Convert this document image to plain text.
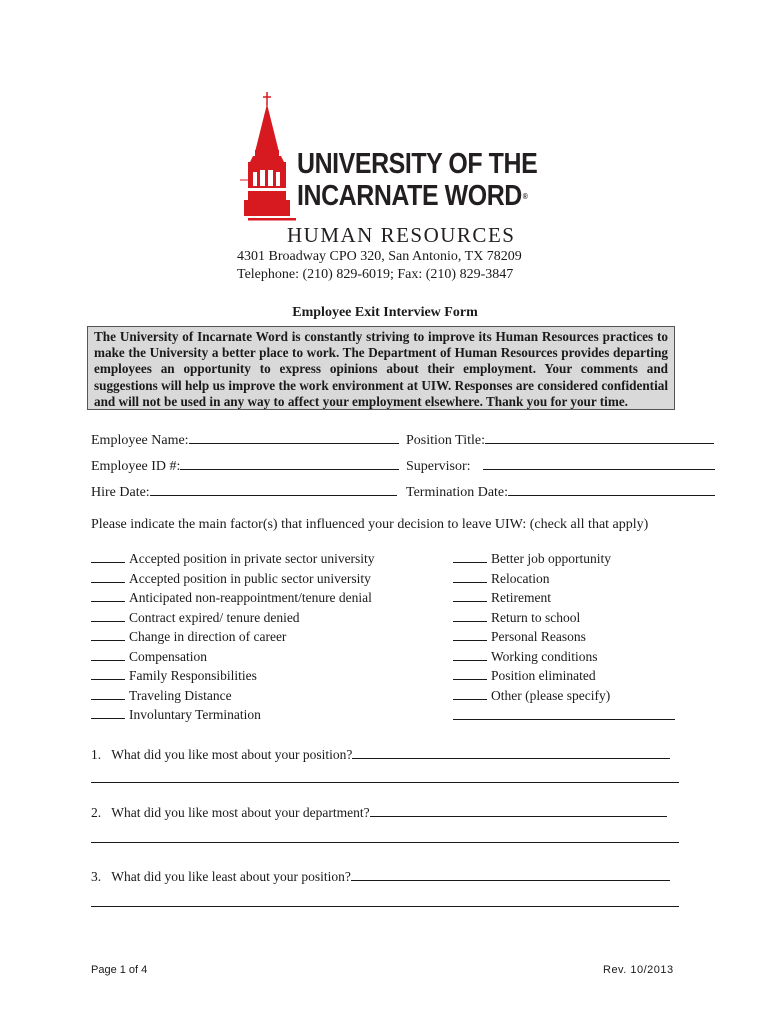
UNIVERSITY OF THE
INCARNATE WORD®
HUMAN RESOURCES
4301 Broadway CPO 320, San Antonio, TX 78209
Telephone: (210) 829-6019; Fax: (210) 829-3847
Employee Exit Interview Form
The University of Incarnate Word is constantly striving to improve its Human Resources practices to make the University a better place to work. The Department of Human Resources provides departing employees an opportunity to express opinions about their employment. Your comments and suggestions will help us improve the work environment at UIW. Responses are considered confidential and will not be used in any way to affect your employment elsewhere. Thank you for your time.
Employee Name:	Position Title:
Employee ID #:	Supervisor:
Hire Date:	Termination Date:
Please indicate the main factor(s) that influenced your decision to leave UIW: (check all that apply)
Accepted position in private sector university
Accepted position in public sector university
Anticipated non-reappointment/tenure denial
Contract expired/ tenure denied
Change in direction of career
Compensation
Family Responsibilities
Traveling Distance
Involuntary Termination
Better job opportunity
Relocation
Retirement
Return to school
Personal Reasons
Working conditions
Position eliminated
Other (please specify)
1. What did you like most about your position?
2. What did you like most about your department?
3. What did you like least about your position?
Page 1 of 4	Rev. 10/2013
